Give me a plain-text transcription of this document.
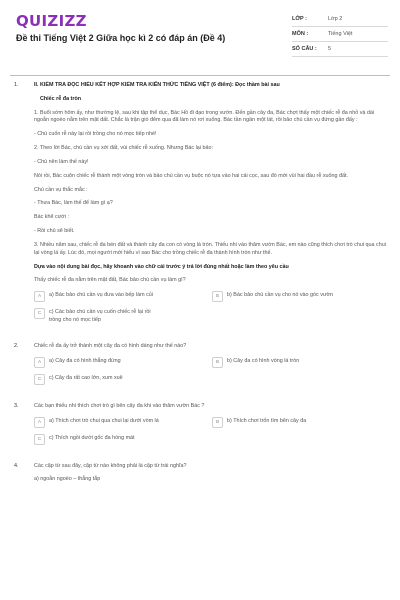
QUIZIZZ
Đề thi Tiếng Việt 2 Giữa học kì 2 có đáp án (Đề 4)
LỚP :	Lớp 2
MÔN :	Tiếng Việt
SỐ CÂU :	5
1.	II. KIỂM TRA ĐỌC HIỂU KẾT HỢP KIỂM TRA KIẾN THỨC TIẾNG VIỆT (6 điểm): Đọc thầm bài sau
Chiếc rễ đa tròn
1. Buổi sớm hôm ấy, như thường lệ, sau khi tập thể dục, Bác Hồ đi dạo trong vườn. Đến gần cây đa, Bác chợt thấy một chiếc rễ đa nhỏ và dài ngoằn ngoèo nằm trên mặt đất. Chắc là trận gió đêm qua đã làm nó rơi xuống. Bác tần ngần một lát, rồi bảo chú cần vụ đứng gần đấy :
- Chú cuốn rễ này lại rồi trồng cho nó mọc tiếp nhé!
2. Theo lời Bác, chú cần vụ xới đất, vùi chiếc rễ xuống. Nhưng Bác lại bảo:
- Chú nên làm thế này!
Nói rồi, Bác cuộn chiếc rễ thành một vòng tròn và bảo chú cần vụ buộc nó tựa vào hai cái cọc, sau đó mới vùi hai đầu rễ xuống đất.
Chú cần vụ thắc mắc :
- Thưa Bác, làm thế để làm gì ạ?
Bác khẽ cười :
- Rồi chú sẽ biết.
3. Nhiều năm sau, chiếc rễ đa bén đất và thành cây đa con có vòng lá tròn. Thiếu nhi vào thăm vườn Bác, em nào cũng thích chơi trò chui qua chui lại vòng lá ấy. Lúc đó, mọi người mới hiểu vì sao Bác cho trồng chiếc rễ đa thành hình tròn như thế.
Dựa vào nội dung bài đọc, hãy khoanh vào chữ cái trước ý trả lời đúng nhất hoặc làm theo yêu cầu
Thấy chiếc rễ đa nằm trên mặt đất, Bác bảo chú cần vụ làm gì?
A	a) Bác bảo chú cần vụ đưa vào bếp làm củi	B	b) Bác bảo chú cần vụ cho nó vào góc vườn
C	c) Các bảo chú cần vụ cuốn chiếc rễ lại rồi trồng cho nó mọc tiếp
2.	Chiếc rễ đa ấy trở thành một cây đa có hình dáng như thế nào?
A	a) Cây đa có hình thẳng đứng	B	b) Cây đa có hình vòng lá tròn
C	c) Cây đa rất cao lớn, xum xuê
3.	Các bạn thiếu nhi thích chơi trò gì bên cây đa khi vào thăm vườn Bác ?
A	a) Thích chơi trò chui qua chui lại dưới vòm lá	B	b) Thích chơi trốn tìm bên cây đa
C	c) Thích ngồi dưới gốc đa hóng mát
4.	Các cặp từ sau đây, cặp từ nào không phải là cặp từ trái nghĩa?
a) ngoằn ngoèo – thẳng tắp
